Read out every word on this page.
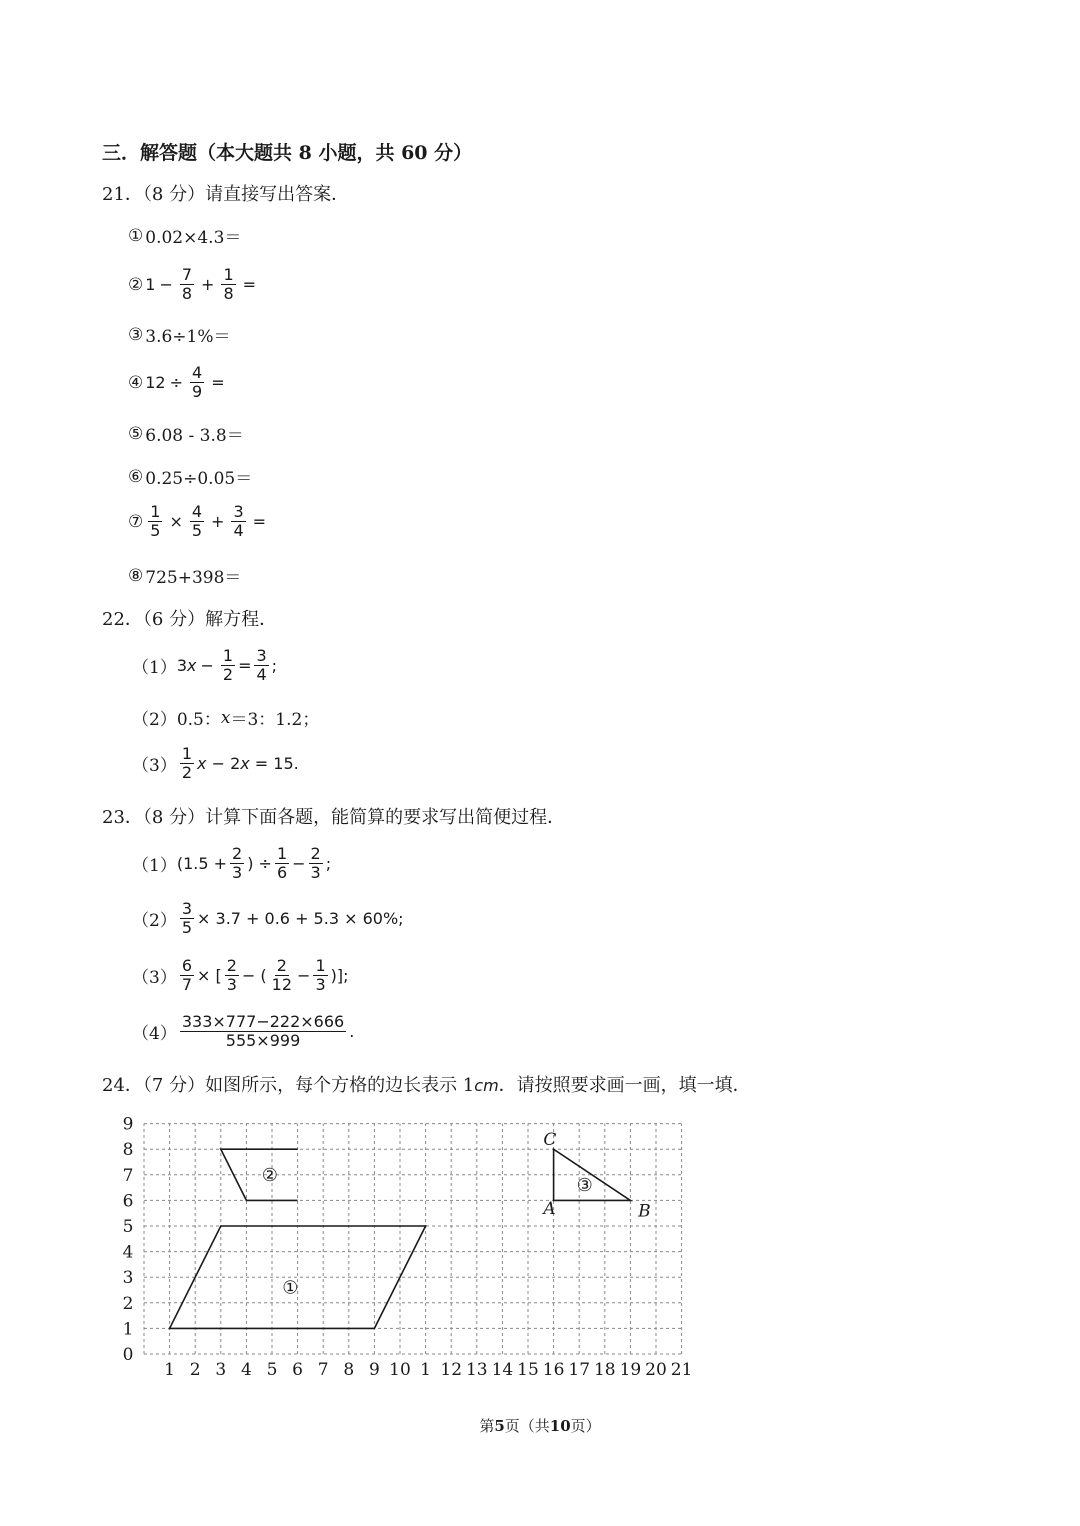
三．解答题（本大题共 8 小题，共 60 分）
21．（8 分）请直接写出答案．
① 0.02×4.3＝
② $1 - \frac{7}{8} + \frac{1}{8}$ =
③ 3.6÷1%＝
④ $12 \div \frac{4}{9}$ =
⑤ 6.08 - 3.8＝
⑥ 0.25÷0.05＝
⑦ $\frac{1}{5} \times \frac{4}{5} + \frac{3}{4}$ =
⑧ 725+398＝
22．（6 分）解方程．
（1） 3 $x - \frac{1}{2} = \frac{3}{4}$ ;
（2） 0.5： x ＝3：1.2；
$(3) \frac{1}{2}$ x − 2 x = 15.
23．（8 分）计算下面各题，能简算的要求写出简便过程．
（1） ($1.5 + \frac{2}{3}$ ) ÷ $\frac{1}{6} - \frac{2}{3}$ ;
$(2) \frac{3}{5} \times 3.7 + 0.6 + 5.3 \times 60\%$;
$(3) \frac{6}{7}$ × [ $\frac{2}{3}$ − ( $\frac{2}{12} - \frac{1}{3}$ )];
$(4) \frac{333\times 777-222\times 666}{555\times 999}$ .
24．（7 分）如图所示，每个方格的边长表示 1cm．请按照要求画一画，填一填．
①
②	③
C
A	B
1 2 3 4 5 6 7 8 9 10 1 12 13 14 15 16 17 18 19 20 21
0
1
2
3
4
5
6
7
8
9
第5页（共10页）
